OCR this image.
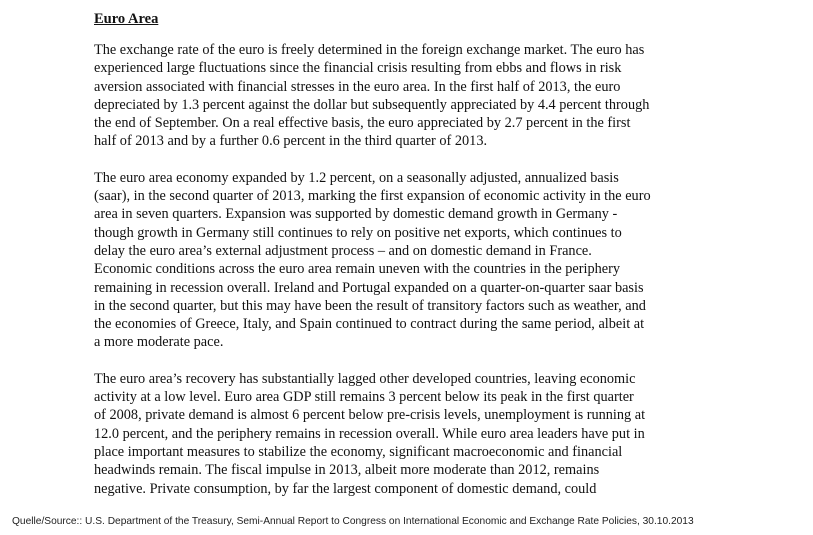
Euro Area
The exchange rate of the euro is freely determined in the foreign exchange market. The euro has
experienced large fluctuations since the financial crisis resulting from ebbs and flows in risk
aversion associated with financial stresses in the euro area. In the first half of 2013, the euro
depreciated by 1.3 percent against the dollar but subsequently appreciated by 4.4 percent through
the end of September. On a real effective basis, the euro appreciated by 2.7 percent in the first
half of 2013 and by a further 0.6 percent in the third quarter of 2013.
The euro area economy expanded by 1.2 percent, on a seasonally adjusted, annualized basis
(saar), in the second quarter of 2013, marking the first expansion of economic activity in the euro
area in seven quarters. Expansion was supported by domestic demand growth in Germany -
though growth in Germany still continues to rely on positive net exports, which continues to
delay the euro area’s external adjustment process – and on domestic demand in France.
Economic conditions across the euro area remain uneven with the countries in the periphery
remaining in recession overall. Ireland and Portugal expanded on a quarter-on-quarter saar basis
in the second quarter, but this may have been the result of transitory factors such as weather, and
the economies of Greece, Italy, and Spain continued to contract during the same period, albeit at
a more moderate pace.
The euro area’s recovery has substantially lagged other developed countries, leaving economic
activity at a low level. Euro area GDP still remains 3 percent below its peak in the first quarter
of 2008, private demand is almost 6 percent below pre-crisis levels, unemployment is running at
12.0 percent, and the periphery remains in recession overall. While euro area leaders have put in
place important measures to stabilize the economy, significant macroeconomic and financial
headwinds remain. The fiscal impulse in 2013, albeit more moderate than 2012, remains
negative. Private consumption, by far the largest component of domestic demand, could
Quelle/Source:: U.S. Department of the Treasury, Semi-Annual Report to Congress on International Economic and Exchange Rate Policies, 30.10.2013
